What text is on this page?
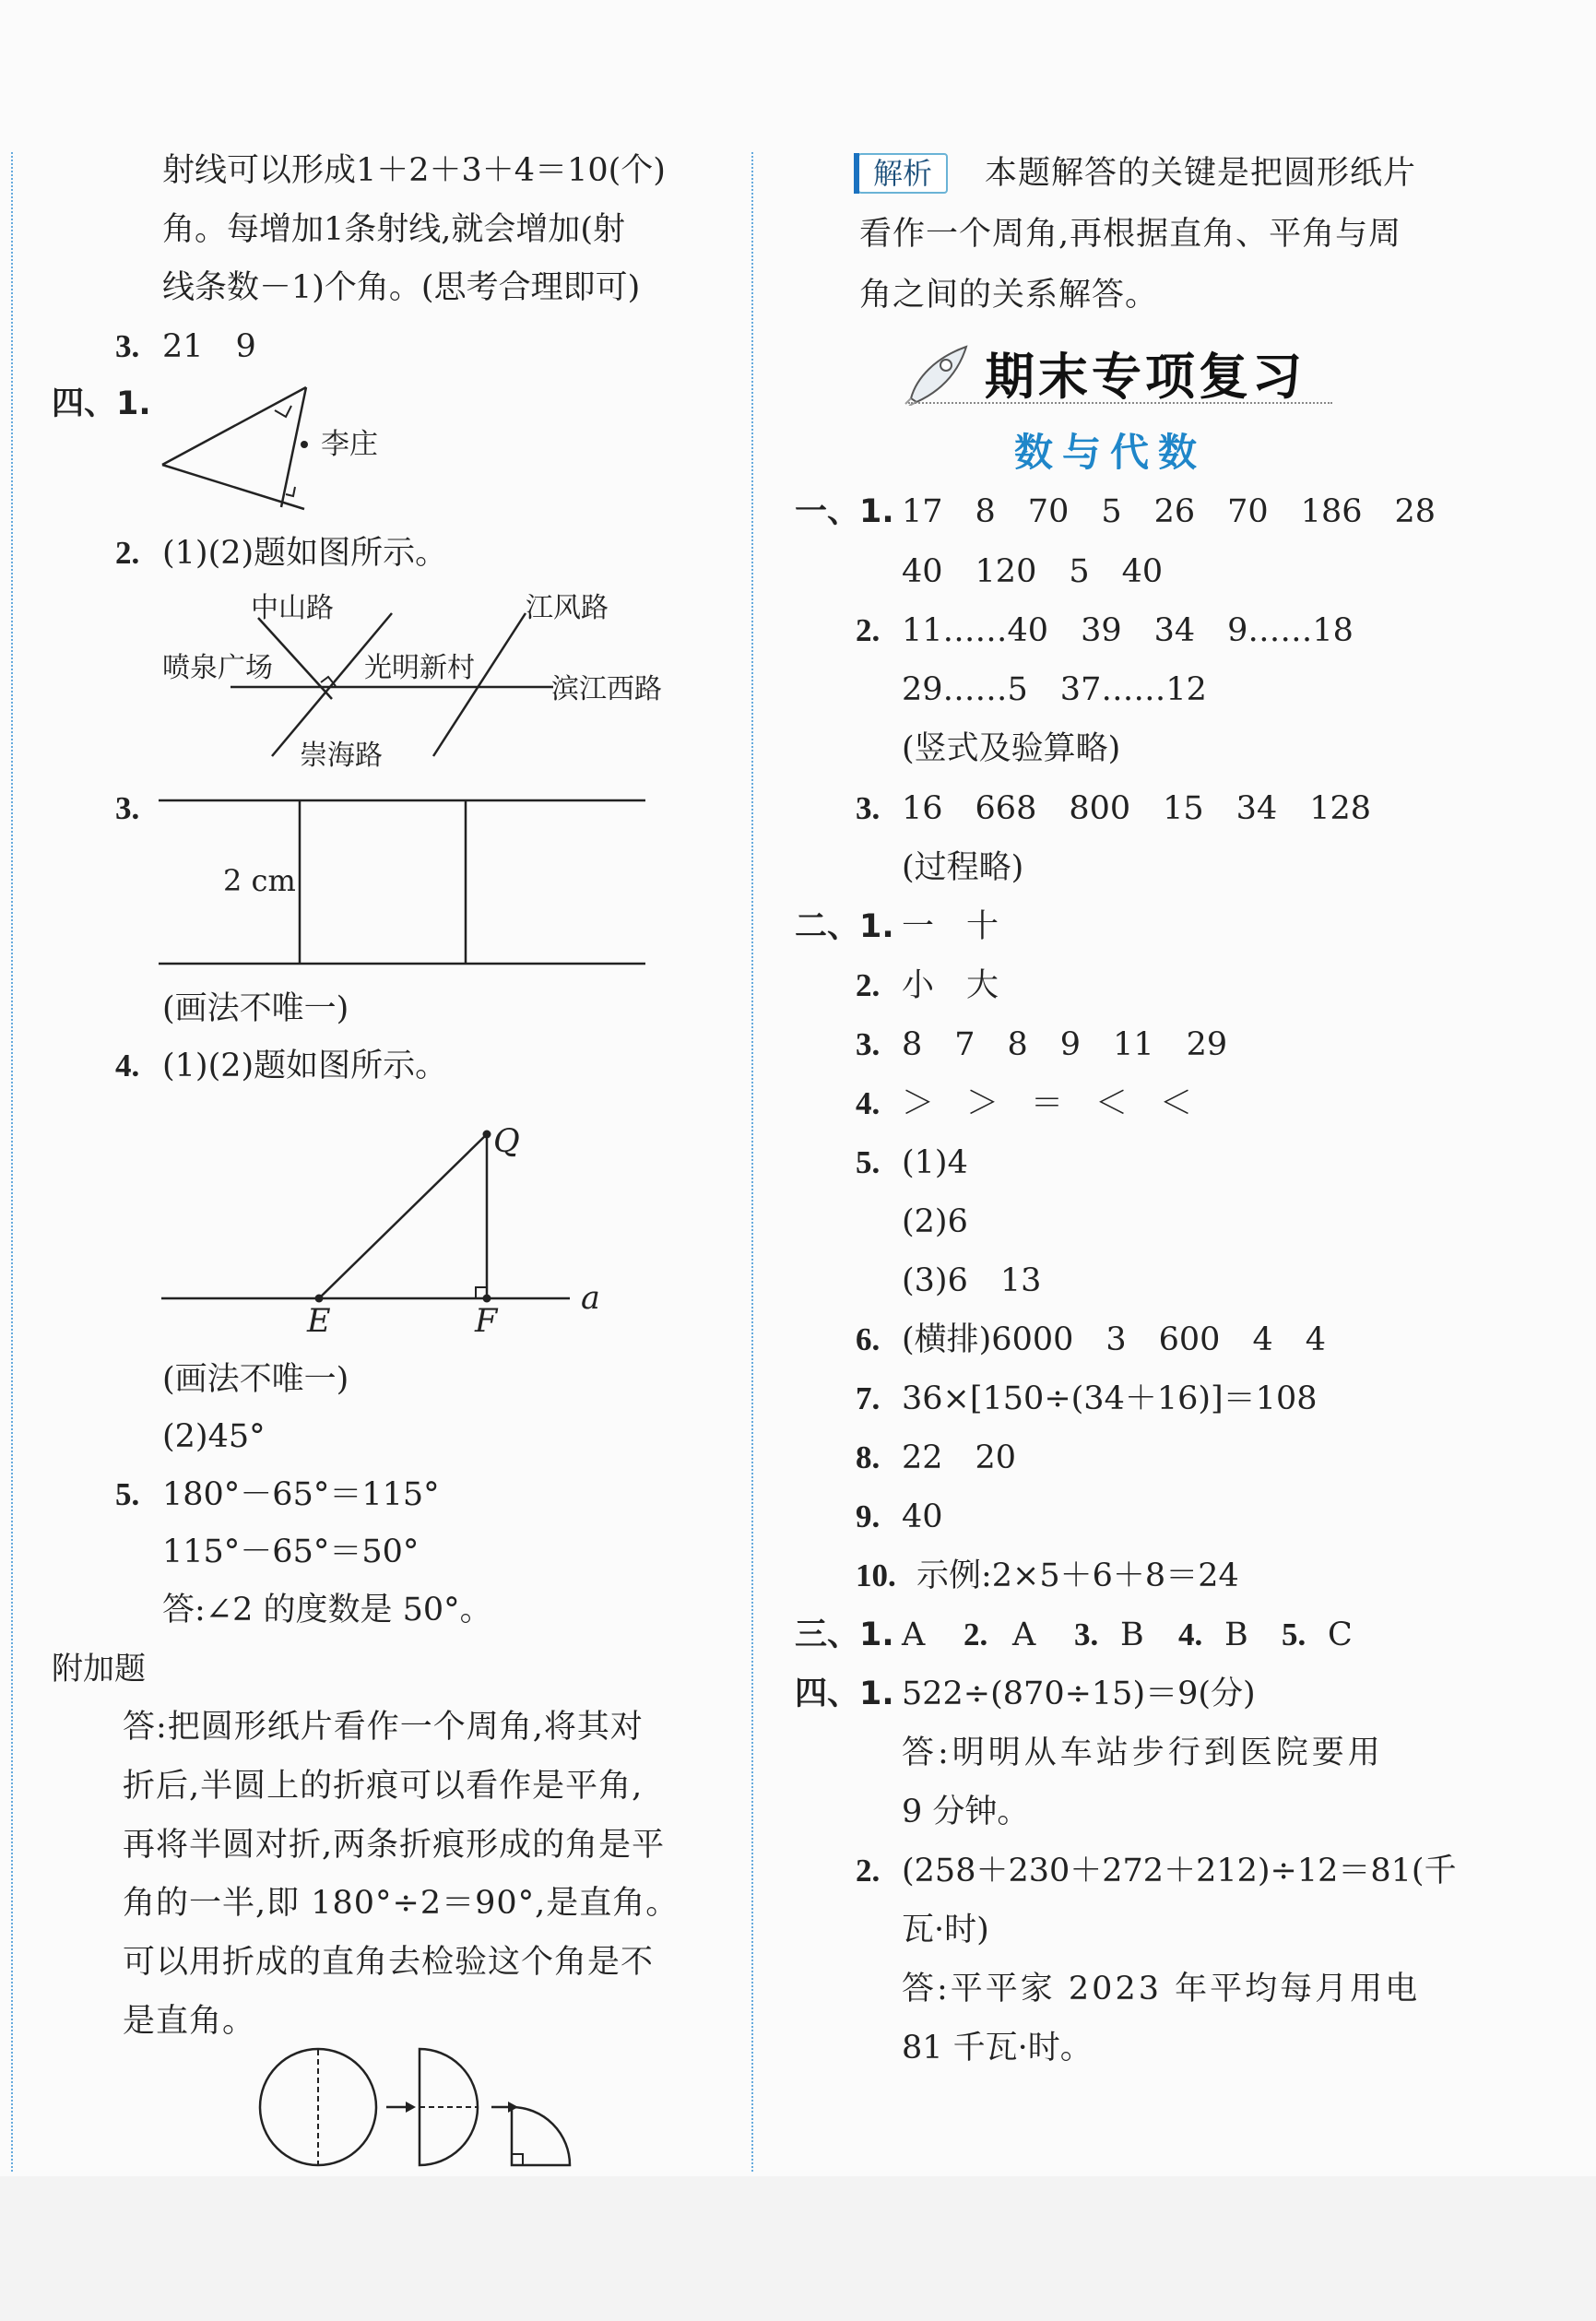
射线可以形成1＋2＋3＋4＝10(个)
角。每增加1条射线,就会增加(射
线条数－1)个角。(思考合理即可)
3. 21　9
四、1.
李庄
2. (1)(2)题如图所示。
中山路	江风路
喷泉广场	光明新村
滨江西路
崇海路
3.
2 cm
(画法不唯一)
4. (1)(2)题如图所示。
Q
E	F
a
(画法不唯一)
(2)45°
5. 180°－65°＝115°
115°－65°＝50°
答:∠2 的度数是 50°。
附加题
答:把圆形纸片看作一个周角,将其对
折后,半圆上的折痕可以看作是平角,
再将半圆对折,两条折痕形成的角是平
角的一半,即 180°÷2＝90°,是直角。
可以用折成的直角去检验这个角是不
是直角。
解析	本题解答的关键是把圆形纸片
看作一个周角,再根据直角、平角与周
角之间的关系解答。
期末专项复习
数与代数
一、1. 17　8　70　5　26　70　186　28
40　120　5　40
2. 11……40　39　34　9……18
29……5　37……12
(竖式及验算略)
3. 16　668　800　15　34　128
(过程略)
二、1. 一　十
2. 小　大
3. 8　7　8　9　11　29
4. ＞　＞　＝　＜　＜
5. (1)4
(2)6
(3)6　13
6. (横排)6000　3　600　4　4
7. 36×[150÷(34＋16)]＝108
8. 22　20
9. 40
10. 示例:2×5＋6＋8＝24
三、1. A 2. A 3. B 4. B 5. C
四、1. 522÷(870÷15)＝9(分)
答:明明从车站步行到医院要用
9 分钟。
2. (258＋230＋272＋212)÷12＝81(千
瓦·时)
答:平平家 2023 年平均每月用电
81 千瓦·时。
